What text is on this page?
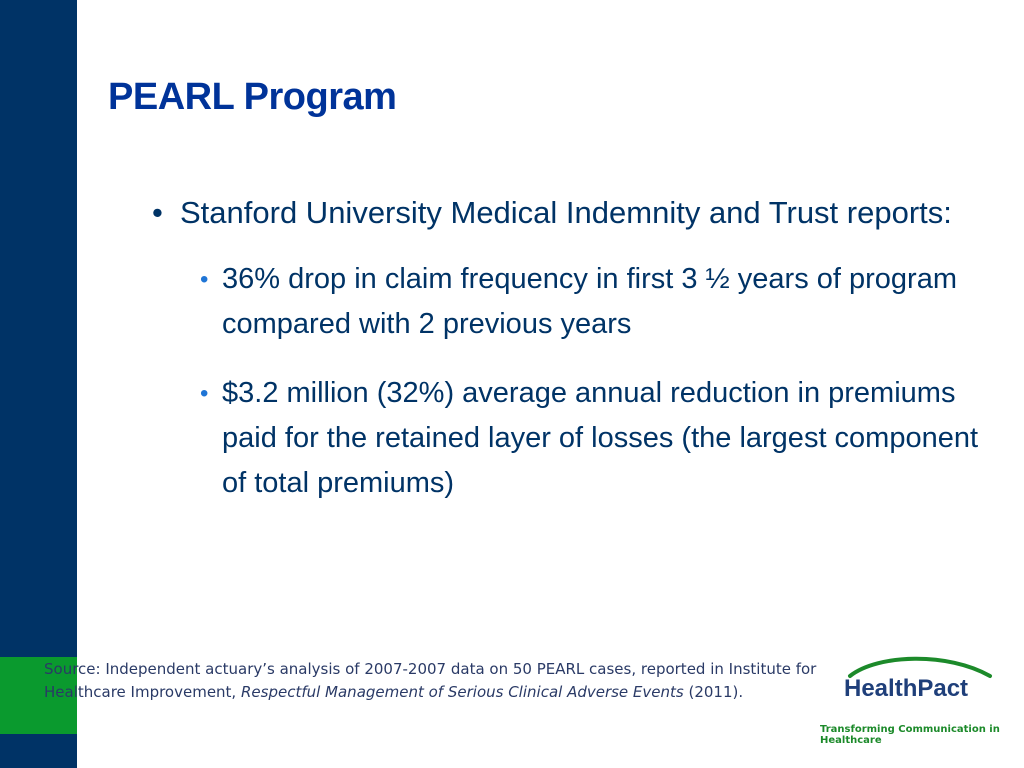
PEARL Program
• Stanford University Medical Indemnity and Trust reports:
• 36% drop in claim frequency in first 3 ½ years of program compared with 2 previous years
• $3.2 million (32%) average annual reduction in premiums paid for the retained layer of losses (the largest component of total premiums)
Source: Independent actuary’s analysis of 2007-2007 data on 50 PEARL cases, reported in Institute for Healthcare Improvement, Respectful Management of Serious Clinical Adverse Events (2011).	HealthPact
Transforming Communication in Healthcare
